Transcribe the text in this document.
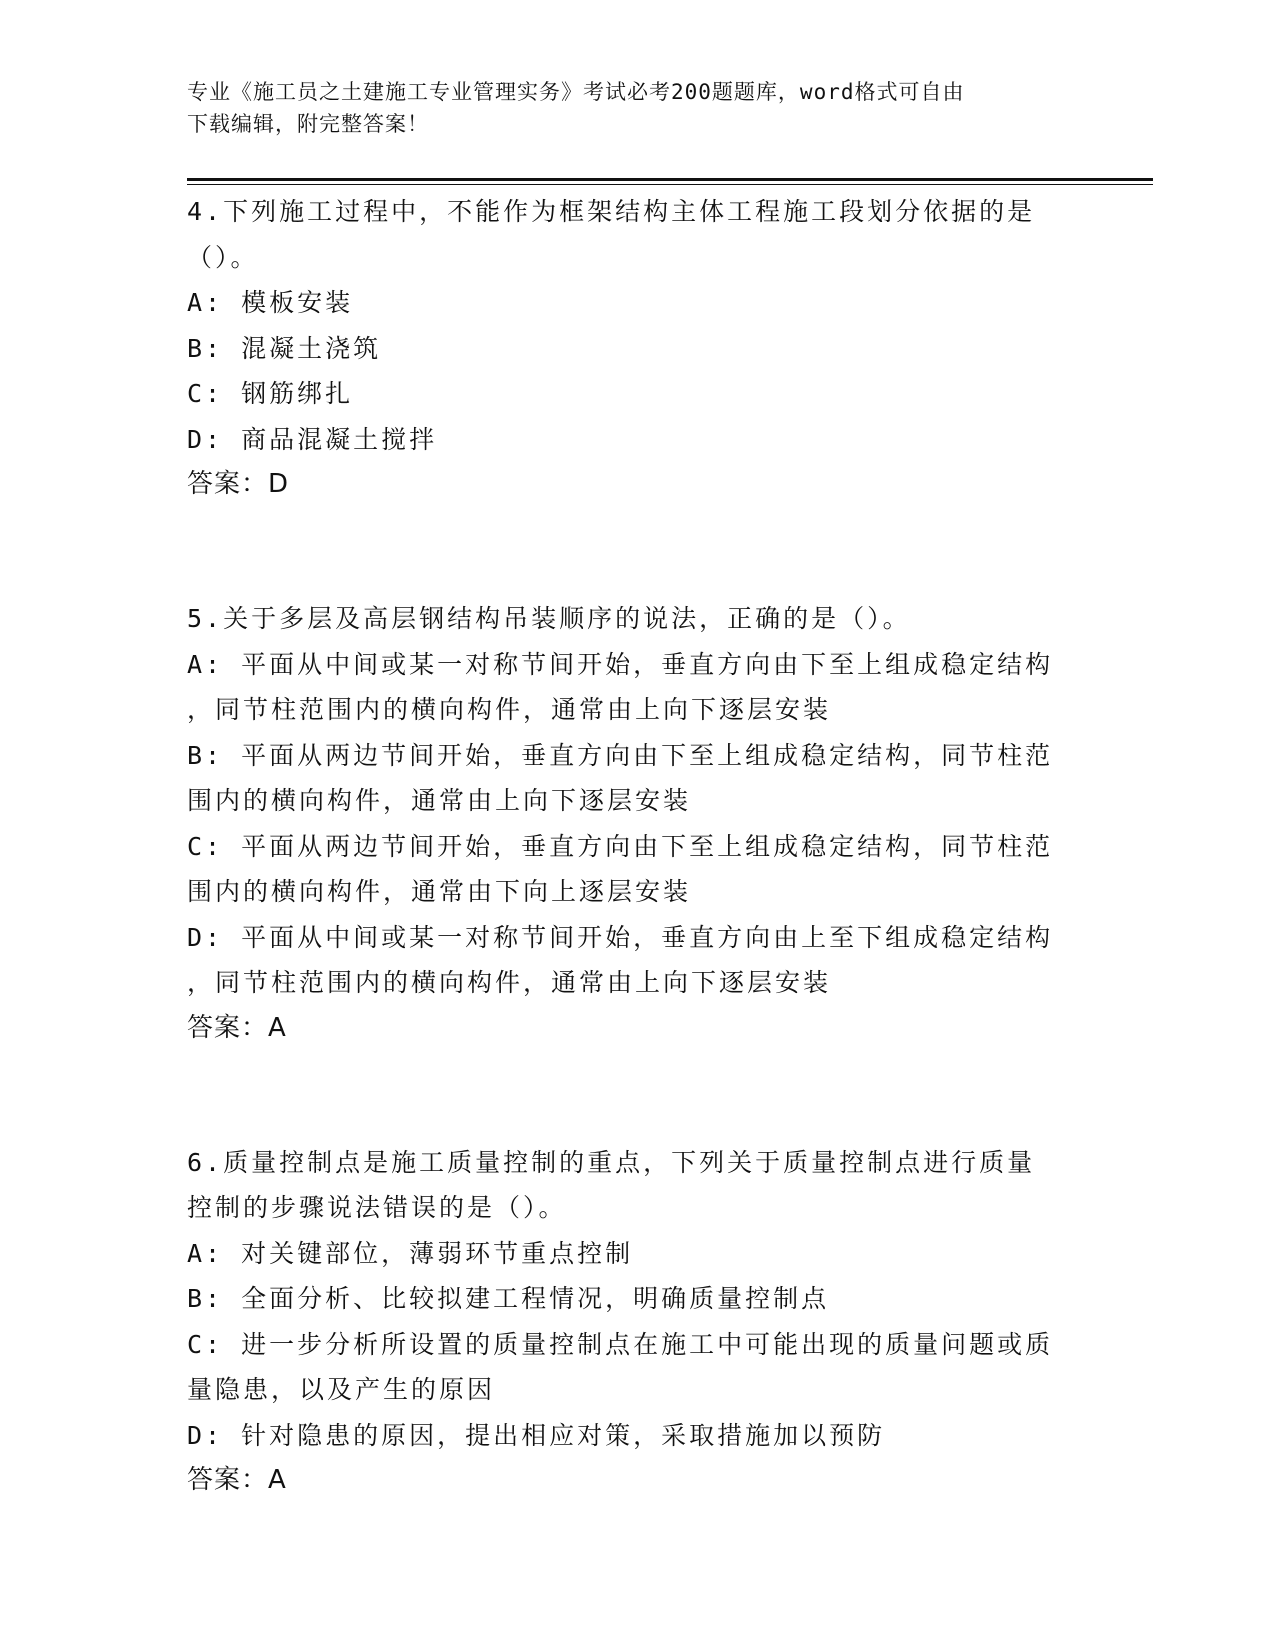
专业《施工员之土建施工专业管理实务》考试必考200题题库，word格式可自由
下载编辑，附完整答案！
4.下列施工过程中，不能作为框架结构主体工程施工段划分依据的是
（）。
A: 模板安装
B: 混凝土浇筑
C: 钢筋绑扎
D: 商品混凝土搅拌
答案：D
5.关于多层及高层钢结构吊装顺序的说法，正确的是（）。
A: 平面从中间或某一对称节间开始，垂直方向由下至上组成稳定结构
，同节柱范围内的横向构件，通常由上向下逐层安装
B: 平面从两边节间开始，垂直方向由下至上组成稳定结构，同节柱范
围内的横向构件，通常由上向下逐层安装
C: 平面从两边节间开始，垂直方向由下至上组成稳定结构，同节柱范
围内的横向构件，通常由下向上逐层安装
D: 平面从中间或某一对称节间开始，垂直方向由上至下组成稳定结构
，同节柱范围内的横向构件，通常由上向下逐层安装
答案：A
6.质量控制点是施工质量控制的重点，下列关于质量控制点进行质量
控制的步骤说法错误的是（）。
A: 对关键部位，薄弱环节重点控制
B: 全面分析、比较拟建工程情况，明确质量控制点
C: 进一步分析所设置的质量控制点在施工中可能出现的质量问题或质
量隐患，以及产生的原因
D: 针对隐患的原因，提出相应对策，采取措施加以预防
答案：A
